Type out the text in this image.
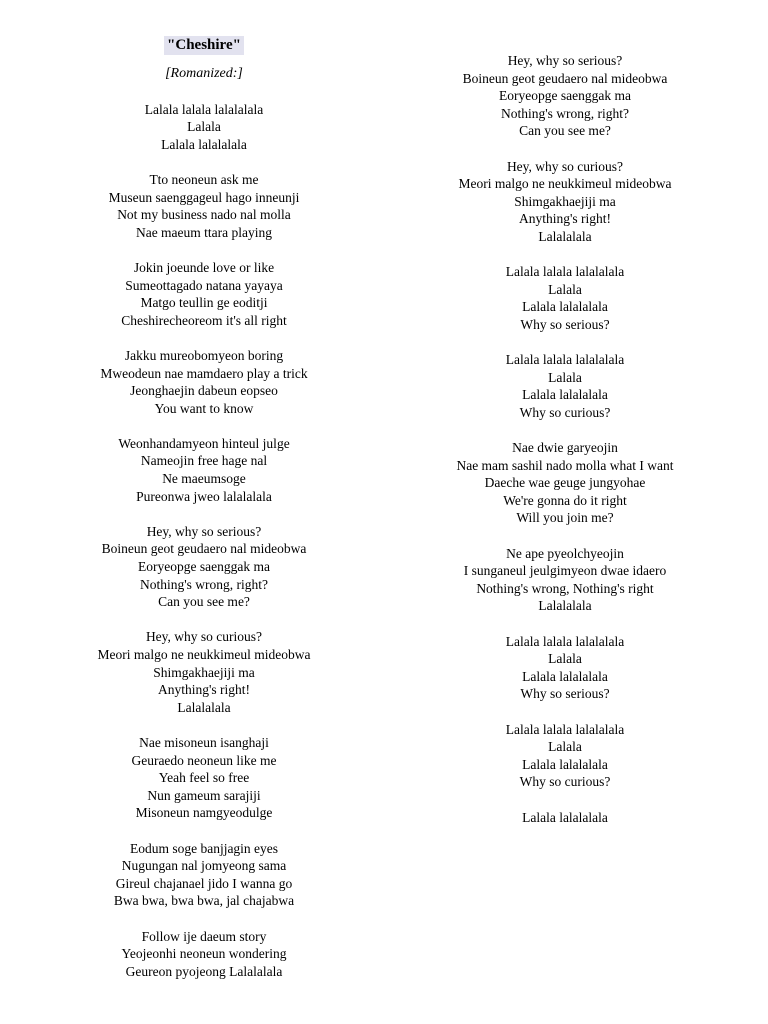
"Cheshire"
[Romanized:]
Lalala lalala lalalalala
Lalala
Lalala lalalalala
Tto neoneun ask me
Museun saenggageul hago inneunji
Not my business nado nal molla
Nae maeum ttara playing
Jokin joeunde love or like
Sumeottagado natana yayaya
Matgo teullin ge eoditji
Cheshirecheoreom it's all right
Jakku mureobomyeon boring
Mweodeun nae mamdaero play a trick
Jeonghaejin dabeun eopseo
You want to know
Weonhandamyeon hinteul julge
Nameojin free hage nal
Ne maeumsoge
Pureonwa jweo lalalalala
Hey, why so serious?
Boineun geot geudaero nal mideobwa
Eoryeopge saenggak ma
Nothing's wrong, right?
Can you see me?
Hey, why so curious?
Meori malgo ne neukkimeul mideobwa
Shimgakhaejiji ma
Anything's right!
Lalalalala
Nae misoneun isanghaji
Geuraedo neoneun like me
Yeah feel so free
Nun gameum sarajiji
Misoneun namgyeodulge
Eodum soge banjjagin eyes
Nugungan nal jomyeong sama
Gireul chajanael jido I wanna go
Bwa bwa, bwa bwa, jal chajabwa
Follow ije daeum story
Yeojeonhi neoneun wondering
Geureon pyojeong Lalalalala
Hey, why so serious?
Boineun geot geudaero nal mideobwa
Eoryeopge saenggak ma
Nothing's wrong, right?
Can you see me?
Hey, why so curious?
Meori malgo ne neukkimeul mideobwa
Shimgakhaejiji ma
Anything's right!
Lalalalala
Lalala lalala lalalalala
Lalala
Lalala lalalalala
Why so serious?
Lalala lalala lalalalala
Lalala
Lalala lalalalala
Why so curious?
Nae dwie garyeojin
Nae mam sashil nado molla what I want
Daeche wae geuge jungyohae
We're gonna do it right
Will you join me?
Ne ape pyeolchyeojin
I sunganeul jeulgimyeon dwae idaero
Nothing's wrong, Nothing's right
Lalalalala
Lalala lalala lalalalala
Lalala
Lalala lalalalala
Why so serious?
Lalala lalala lalalalala
Lalala
Lalala lalalalala
Why so curious?
Lalala lalalalala
